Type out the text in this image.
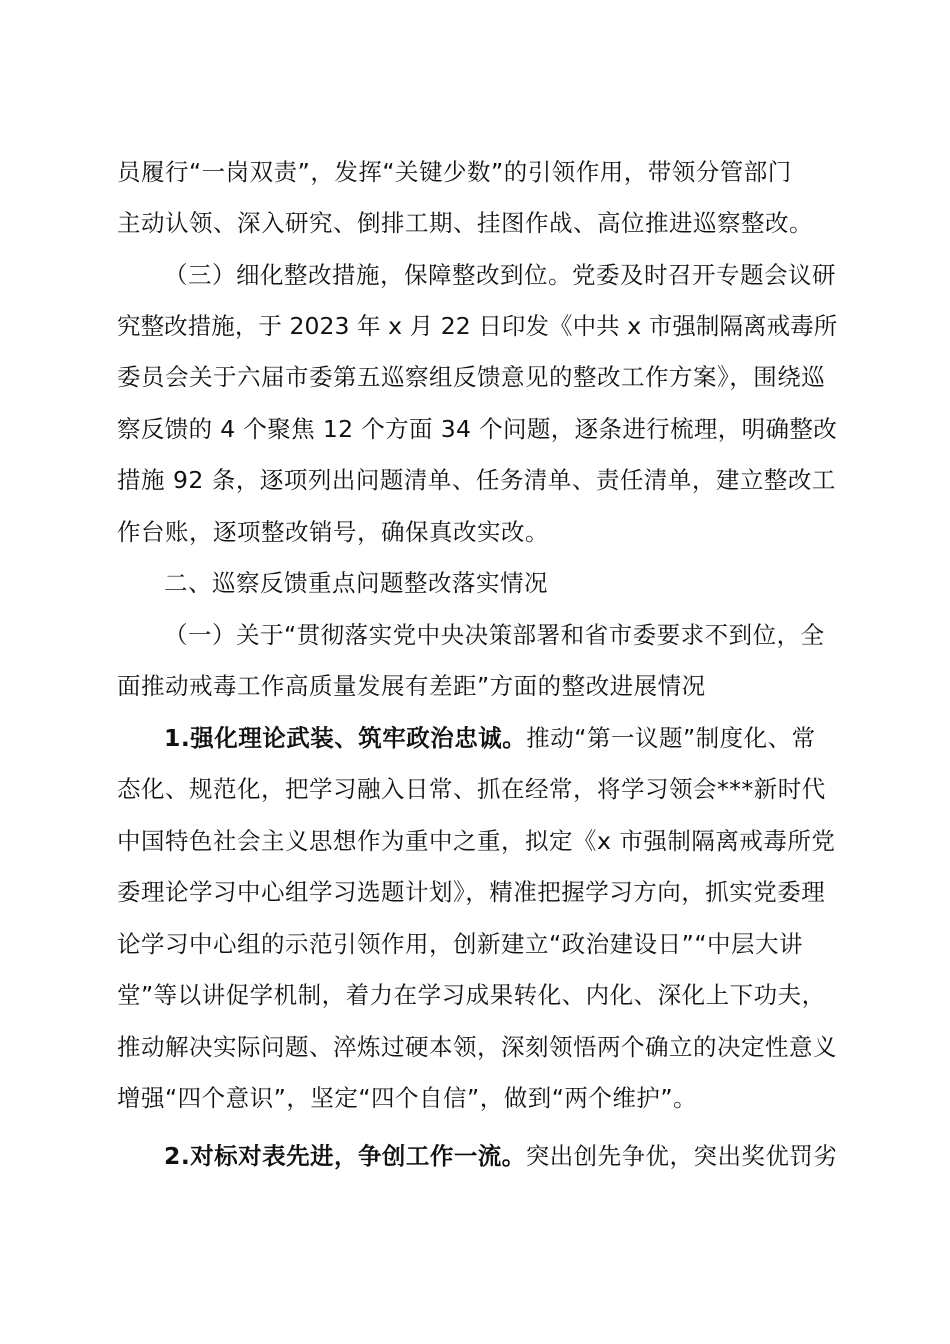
员履行“一岗双责”，发挥“关键少数”的引领作用，带领分管部门
主动认领、深入研究、倒排工期、挂图作战、高位推进巡察整改。
（三）细化整改措施，保障整改到位。党委及时召开专题会议研
究整改措施，于 2023 年 x 月 22 日印发《中共 x 市强制隔离戒毒所
委员会关于六届市委第五巡察组反馈意见的整改工作方案》，围绕巡
察反馈的 4 个聚焦 12 个方面 34 个问题，逐条进行梳理，明确整改
措施 92 条，逐项列出问题清单、任务清单、责任清单，建立整改工
作台账，逐项整改销号，确保真改实改。
二、巡察反馈重点问题整改落实情况
（一）关于“贯彻落实党中央决策部署和省市委要求不到位，全
面推动戒毒工作高质量发展有差距”方面的整改进展情况
1.强化理论武装、筑牢政治忠诚。推动“第一议题”制度化、常
态化、规范化，把学习融入日常、抓在经常，将学习领会***新时代
中国特色社会主义思想作为重中之重，拟定《x 市强制隔离戒毒所党
委理论学习中心组学习选题计划》，精准把握学习方向，抓实党委理
论学习中心组的示范引领作用，创新建立“政治建设日”“中层大讲
堂”等以讲促学机制，着力在学习成果转化、内化、深化上下功夫，
推动解决实际问题、淬炼过硬本领，深刻领悟两个确立的决定性意义
增强“四个意识”，坚定“四个自信”，做到“两个维护”。
2.对标对表先进，争创工作一流。突出创先争优，突出奖优罚劣
